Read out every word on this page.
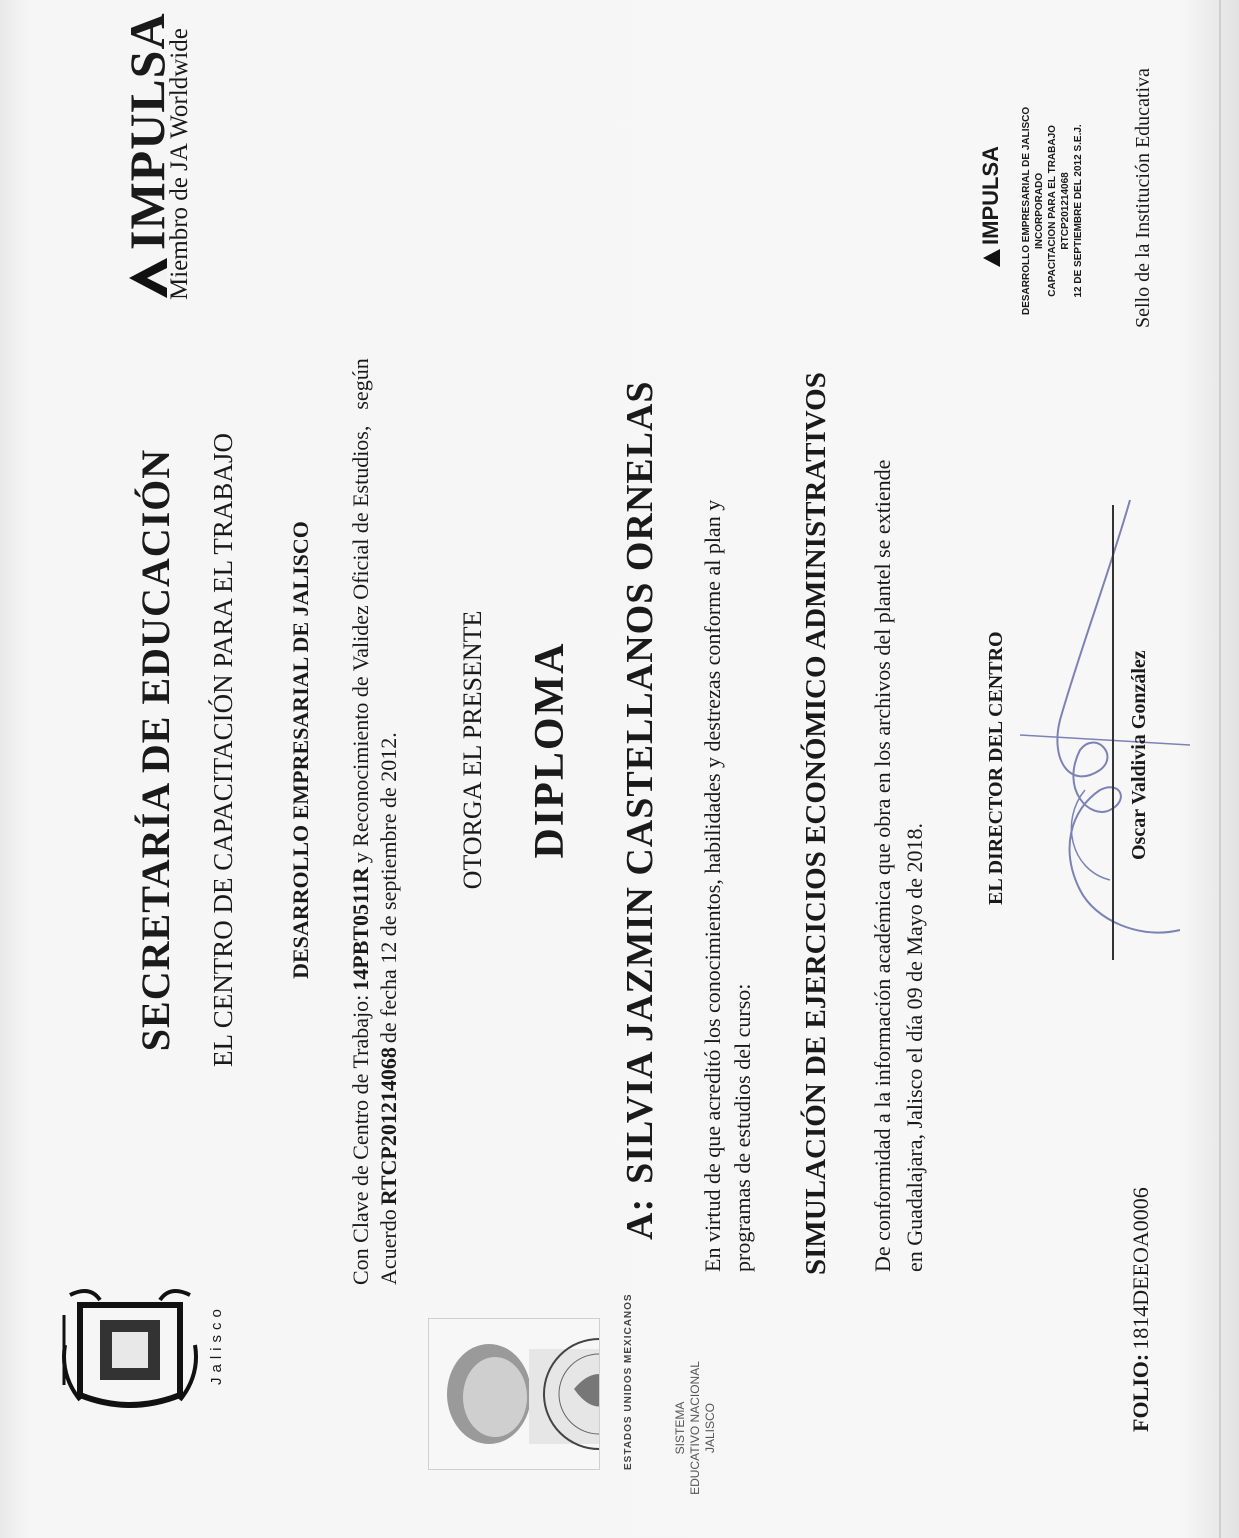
IMPULSA
Miembro de JA Worldwide
SECRETARÍA DE EDUCACIÓN EL CENTRO DE CAPACITACIÓN PARA EL TRABAJO DESARROLLO EMPRESARIAL DE JALISCO
Con Clave de Centro de Trabajo: 14PBT0511R y Reconocimiento de Validez Oficial de Estudios, según
Acuerdo RTCP201214068 de fecha 12 de septiembre de 2012. OTORGA EL PRESENTE DIPLOMA
A: SILVIA JAZMIN CASTELLANOS ORNELAS En virtud de que acreditó los conocimientos, habilidades y destrezas conforme al plan y programas de estudios del curso: SIMULACIÓN DE EJERCICIOS ECONÓMICO ADMINISTRATIVOS De conformidad a la información académica que obra en los archivos del plantel se extiende en Guadalajara, Jalisco el día 09 de Mayo de 2018.
EL DIRECTOR DEL CENTRO	Oscar Valdivia González
IMPULSA DESARROLLO EMPRESARIAL DE JALISCO INCORPORADO CAPACITACION PARA EL TRABAJO RTCP201214068 12 DE SEPTIEMBRE DEL 2012 S.E.J. Sello de la Institución Educativa
FOLIO: 1814DEEOA0006
Jalisco	ESTADOS UNIDOS MEXICANOS	SISTEMA EDUCATIVO NACIONAL JALISCO
